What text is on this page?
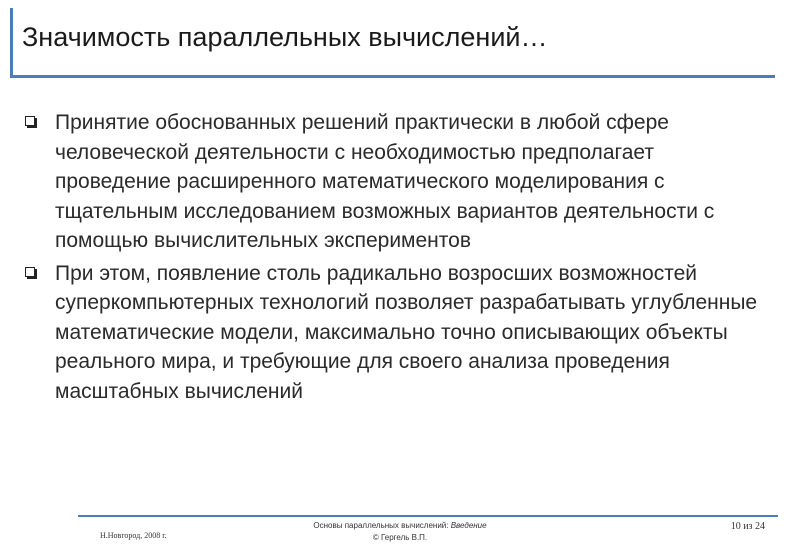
Значимость параллельных вычислений…
Принятие обоснованных решений практически в любой сфере человеческой деятельности с необходимостью предполагает проведение расширенного математического моделирования с тщательным исследованием возможных вариантов деятельности с помощью вычислительных экспериментов
При этом, появление столь радикально возросших возможностей суперкомпьютерных технологий позволяет разрабатывать углубленные математические модели, максимально точно описывающих объекты реального мира, и требующие для своего анализа проведения масштабных вычислений
Н.Новгород, 2008 г.
Основы параллельных вычислений: Введение
© Гергель В.П.
10 из 24
